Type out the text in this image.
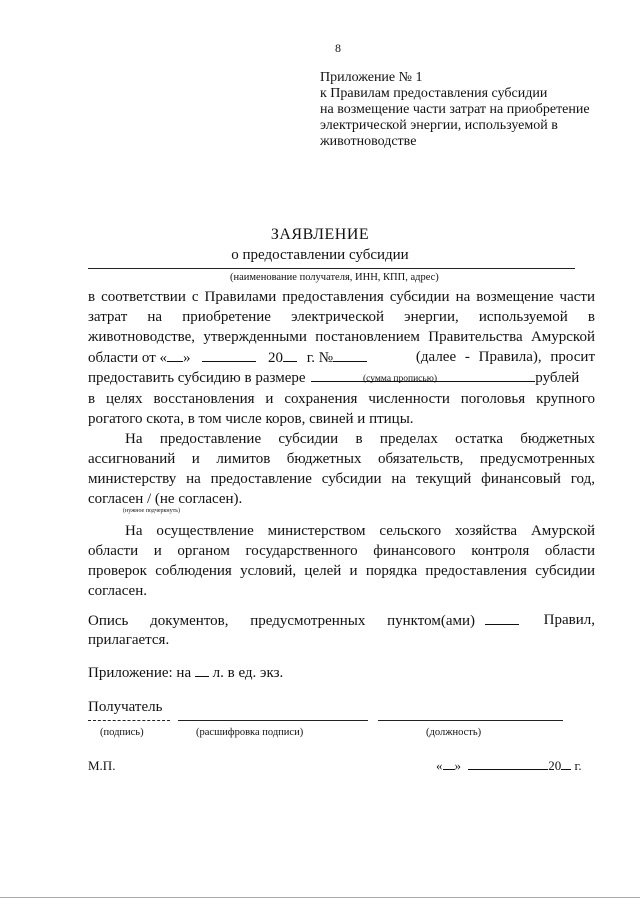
8
Приложение № 1
к Правилам предоставления субсидии
на возмещение части затрат на приобретение
электрической энергии, используемой в
животноводстве
ЗАЯВЛЕНИЕ
о предоставлении субсидии
(наименование получателя, ИНН, КПП, адрес)
в соответствии с Правилами предоставления субсидии на возмещение части
затрат на приобретение электрической энергии, используемой в
животноводстве, утвержденными постановлением Правительства Амурской
области от « »	20 г. №	(далее - Правила), просит
предоставить субсидию в размере	рублей
(сумма прописью)
в целях восстановления и сохранения численности поголовья крупного
рогатого скота, в том числе коров, свиней и птицы.
На предоставление субсидии в пределах остатка бюджетных
ассигнований и лимитов бюджетных обязательств, предусмотренных
министерству на предоставление субсидии на текущий финансовый год,
согласен / (не согласен).
(нужное подчеркнуть)
На осуществление министерством сельского хозяйства Амурской
области и органом государственного финансового контроля области
проверок соблюдения условий, целей и порядка предоставления субсидии
согласен.
Опись документов, предусмотренных пунктом(ами)	Правил,
прилагается.
Приложение: на л. в ед. экз.
Получатель
(подпись)	(расшифровка подписи)	(должность)
М.П.	« »	20 г.
